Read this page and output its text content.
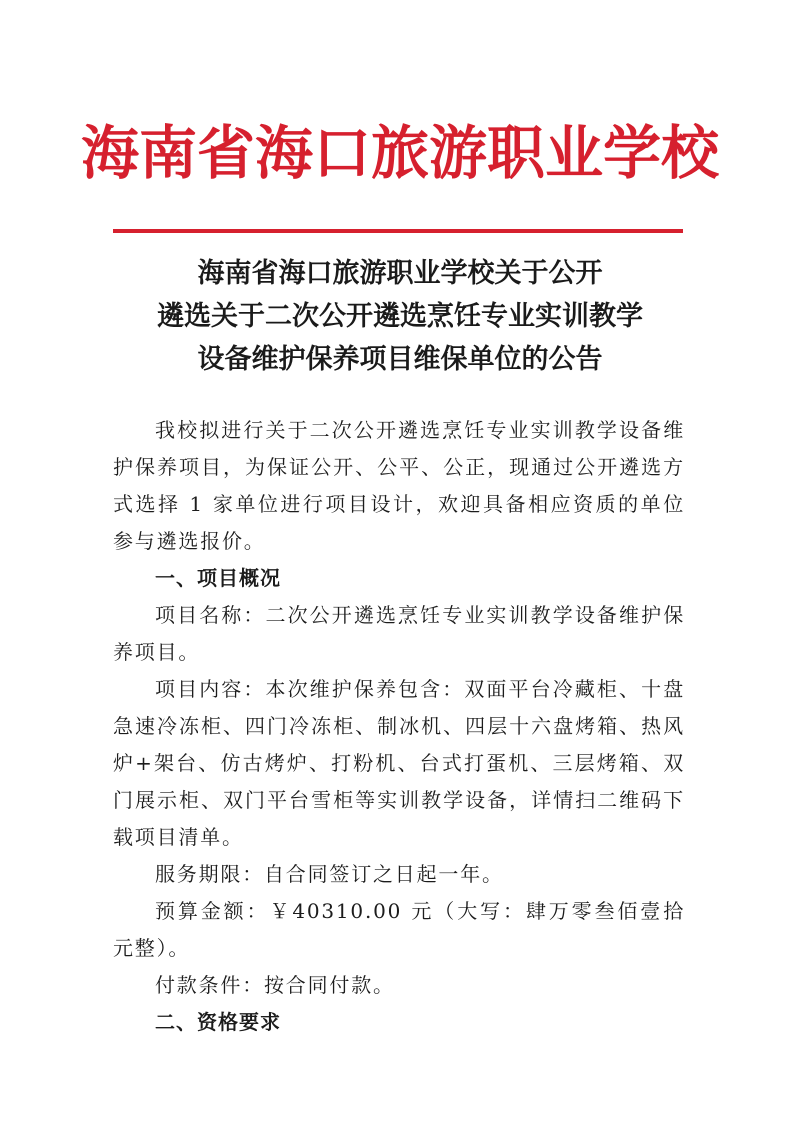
海南省海口旅游职业学校
海南省海口旅游职业学校关于公开
遴选关于二次公开遴选烹饪专业实训教学
设备维护保养项目维保单位的公告

我校拟进行关于二次公开遴选烹饪专业实训教学设备维护保养项目，为保证公开、公平、公正，现通过公开遴选方式选择 1 家单位进行项目设计，欢迎具备相应资质的单位参与遴选报价。

一、项目概况

项目名称：二次公开遴选烹饪专业实训教学设备维护保养项目。

项目内容：本次维护保养包含：双面平台冷藏柜、十盘急速冷冻柜、四门冷冻柜、制冰机、四层十六盘烤箱、热风炉+架台、仿古烤炉、打粉机、台式打蛋机、三层烤箱、双门展示柜、双门平台雪柜等实训教学设备，详情扫二维码下载项目清单。

服务期限：自合同签订之日起一年。

预算金额：￥40310.00 元（大写：肆万零叁佰壹拾元整）。

付款条件：按合同付款。

二、资格要求
